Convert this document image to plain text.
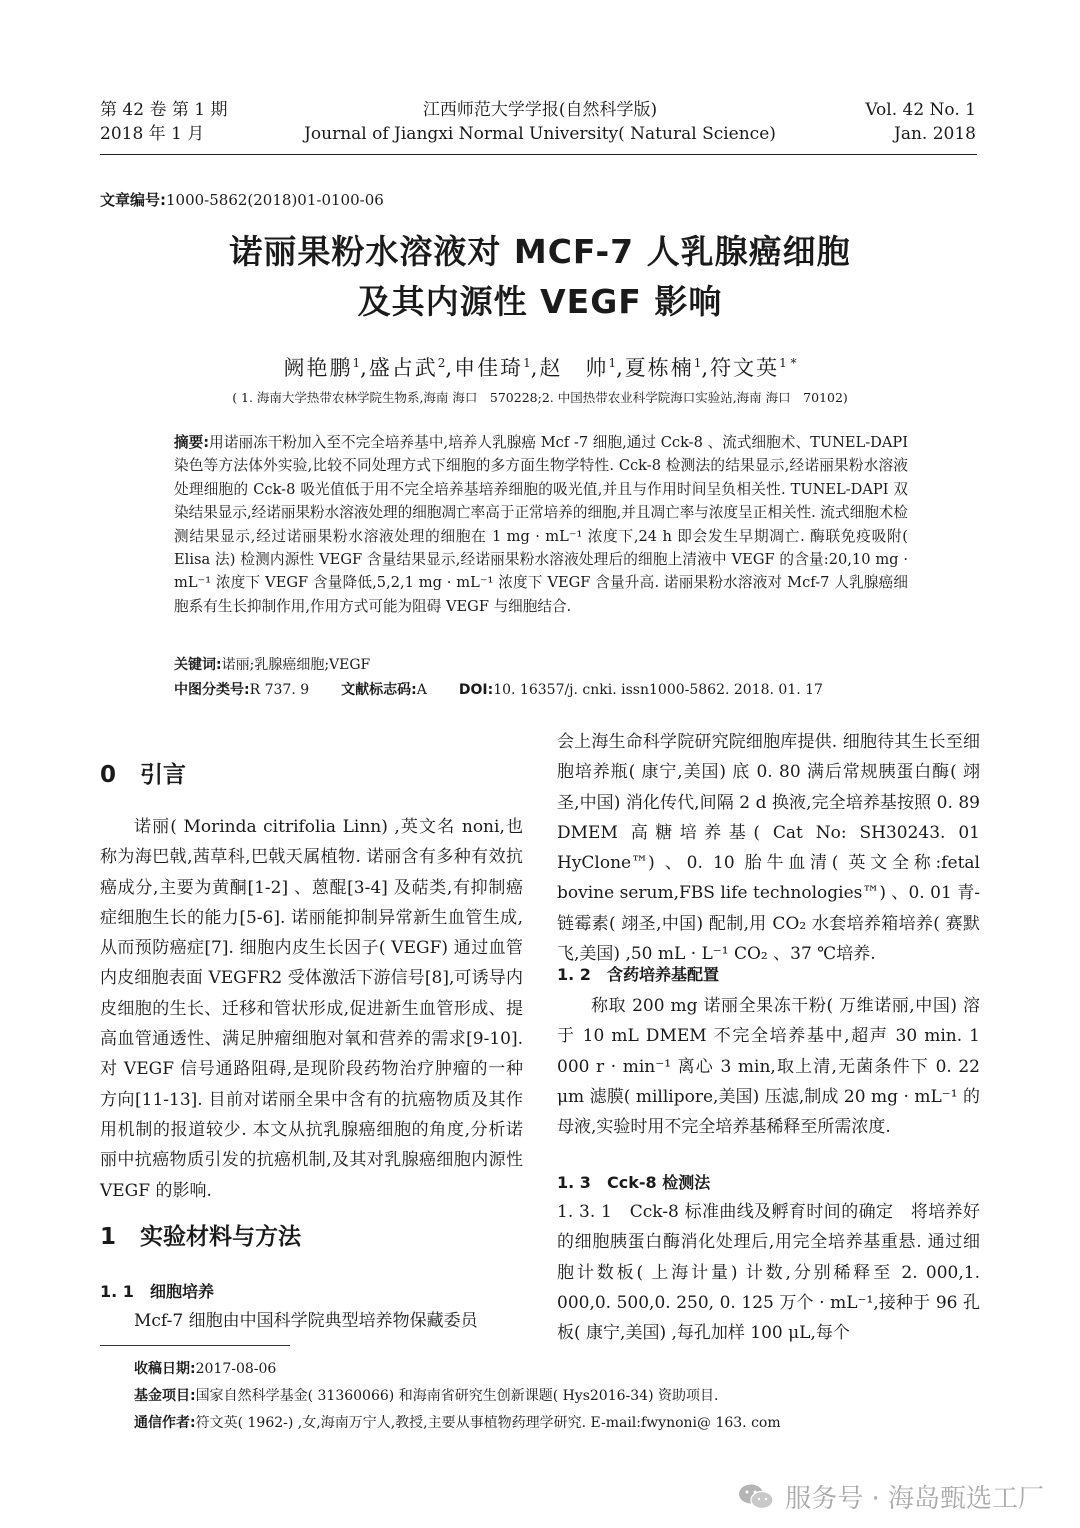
第 42 卷 第 1 期
2018 年 1 月
江西师范大学学报(自然科学版)
Journal of Jiangxi Normal University( Natural Science)
Vol. 42 No. 1
Jan. 2018
文章编号:1000-5862(2018)01-0100-06
诺丽果粉水溶液对 MCF-7 人乳腺癌细胞
及其内源性 VEGF 影响
阙艳鹏$^1$,盛占武$^2$,申佳琦$^1$,赵　帅$^1$,夏栋楠$^1$,符文英$^{1 *}$
( 1. 海南大学热带农林学院生物系,海南 海口　570228;2. 中国热带农业科学院海口实验站,海南 海口　70102)
摘要:用诺丽冻干粉加入至不完全培养基中,培养人乳腺癌 Mcf -7 细胞,通过 Cck-8 、流式细胞术、TUNEL-DAPI 染色等方法体外实验,比较不同处理方式下细胞的多方面生物学特性. Cck-8 检测法的结果显示,经诺丽果粉水溶液处理细胞的 Cck-8 吸光值低于用不完全培养基培养细胞的吸光值,并且与作用时间呈负相关性. TUNEL-DAPI 双染结果显示,经诺丽果粉水溶液处理的细胞凋亡率高于正常培养的细胞,并且凋亡率与浓度呈正相关性. 流式细胞术检测结果显示,经过诺丽果粉水溶液处理的细胞在 1 mg · mL⁻¹ 浓度下,24 h 即会发生早期凋亡. 酶联免疫吸附( Elisa 法) 检测内源性 VEGF 含量结果显示,经诺丽果粉水溶液处理后的细胞上清液中 VEGF 的含量:20,10 mg · mL⁻¹ 浓度下 VEGF 含量降低,5,2,1 mg · mL⁻¹ 浓度下 VEGF 含量升高. 诺丽果粉水溶液对 Mcf-7 人乳腺癌细胞系有生长抑制作用,作用方式可能为阻碍 VEGF 与细胞结合.
关键词:诺丽;乳腺癌细胞;VEGF
中图分类号:R 737. 9 文献标志码:A DOI:10. 16357/j. cnki. issn1000-5862. 2018. 01. 17
0 引言

诺丽( Morinda citrifolia Linn) ,英文名 noni,也称为海巴戟,茜草科,巴戟天属植物. 诺丽含有多种有效抗癌成分,主要为黄酮[1-2] 、蒽醌[3-4] 及萜类,有抑制癌症细胞生长的能力[5-6]. 诺丽能抑制异常新生血管生成,从而预防癌症[7]. 细胞内皮生长因子( VEGF) 通过血管内皮细胞表面 VEGFR2 受体激活下游信号[8],可诱导内皮细胞的生长、迁移和管状形成,促进新生血管形成、提高血管通透性、满足肿瘤细胞对氧和营养的需求[9-10]. 对 VEGF 信号通路阻碍,是现阶段药物治疗肿瘤的一种方向[11-13]. 目前对诺丽全果中含有的抗癌物质及其作用机制的报道较少. 本文从抗乳腺癌细胞的角度,分析诺丽中抗癌物质引发的抗癌机制,及其对乳腺癌细胞内源性 VEGF 的影响.

1 实验材料与方法
1. 1 细胞培养

Mcf-7 细胞由中国科学院典型培养物保藏委员

会上海生命科学院研究院细胞库提供. 细胞待其生长至细胞培养瓶( 康宁,美国) 底 0. 80 满后常规胰蛋白酶( 翊圣,中国) 消化传代,间隔 2 d 换液,完全培养基按照 0. 89 DMEM 高糖培养基( Cat No: SH30243. 01 HyClone™) 、0. 10 胎牛血清( 英文全称:fetal bovine serum,FBS life technologies™) 、0. 01 青-链霉素( 翊圣,中国) 配制,用 CO₂ 水套培养箱培养( 赛默飞,美国) ,50 mL · L⁻¹ CO₂ 、37 ℃培养.

1. 2 含药培养基配置

称取 200 mg 诺丽全果冻干粉( 万维诺丽,中国) 溶于 10 mL DMEM 不完全培养基中,超声 30 min. 1 000 r · min⁻¹ 离心 3 min,取上清,无菌条件下 0. 22 μm 滤膜( millipore,美国) 压滤,制成 20 mg · mL⁻¹ 的母液,实验时用不完全培养基稀释至所需浓度.

1. 3 Cck-8 检测法

1. 3. 1　 Cck-8 标准曲线及孵育时间的确定　 将培养好的细胞胰蛋白酶消化处理后,用完全培养基重悬. 通过细胞计数板( 上海计量) 计数,分别稀释至 2. 000,1. 000,0. 500,0. 250, 0. 125 万个 · mL⁻¹,接种于 96 孔板( 康宁,美国) ,每孔加样 100 μL,每个

收稿日期:2017-08-06
基金项目:国家自然科学基金( 31360066) 和海南省研究生创新课题( Hys2016-34) 资助项目.
通信作者:符文英( 1962-) ,女,海南万宁人,教授,主要从事植物药理学研究. E-mail:fwynoni@ 163. com
服务号 · 海岛甄选工厂
